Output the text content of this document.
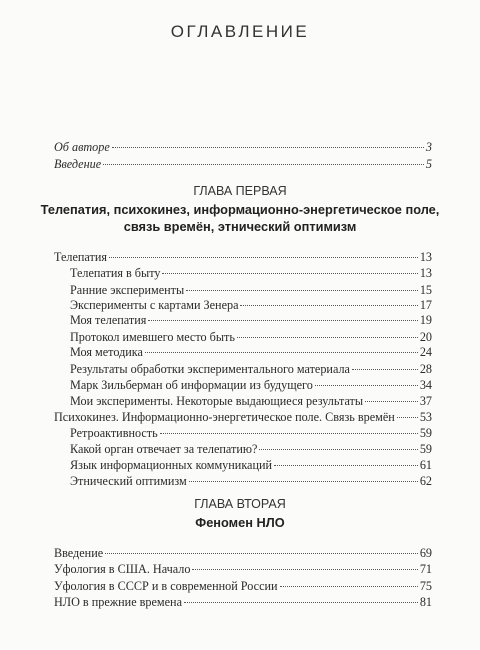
ОГЛАВЛЕНИЕ
ГЛАВА ПЕРВАЯ
Телепатия, психокинез, информационно-энергетическое поле,
связь времён, этнический оптимизм
ГЛАВА ВТОРАЯ
Феномен НЛО
Об авторе	3
Введение	5
Телепатия	13
Телепатия в быту	13
Ранние эксперименты	15
Эксперименты с картами Зенера	17
Моя телепатия	19
Протокол имевшего место быть	20
Моя методика	24
Результаты обработки экспериментального материала	28
Марк Зильберман об информации из будущего	34
Мои эксперименты. Некоторые выдающиеся результаты	37
Психокинез. Информационно-энергетическое поле. Связь времён 53
Ретроактивность	59
Какой орган отвечает за телепатию?	59
Язык информационных коммуникаций	61
Этнический оптимизм	62
Введение	69
Уфология в США. Начало	71
Уфология в СССР и в современной России	75
НЛО в прежние времена	81
